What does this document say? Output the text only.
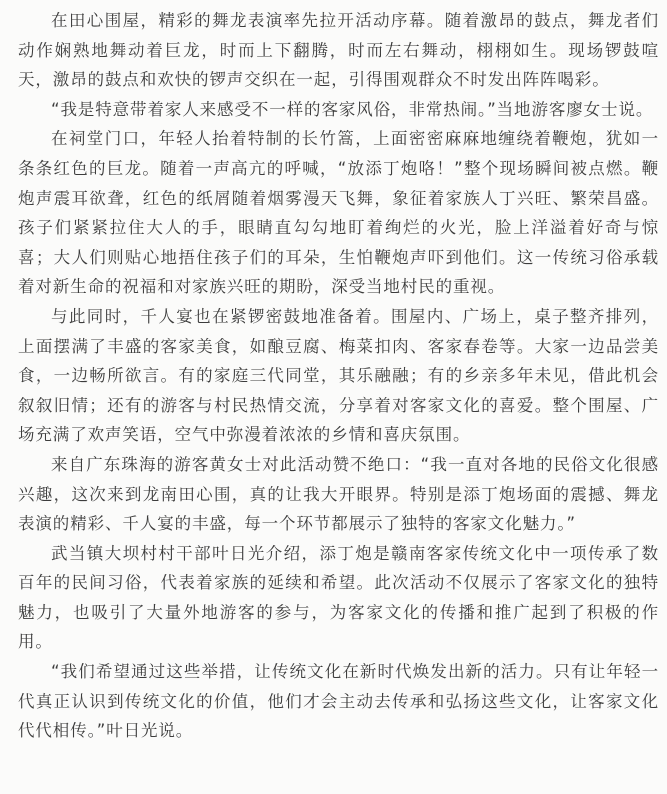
在田心围屋，精彩的舞龙表演率先拉开活动序幕。随着激昂的鼓点，舞龙者们动作娴熟地舞动着巨龙，时而上下翻腾，时而左右舞动，栩栩如生。现场锣鼓喧天，激昂的鼓点和欢快的锣声交织在一起，引得围观群众不时发出阵阵喝彩。

“我是特意带着家人来感受不一样的客家风俗，非常热闹。”当地游客廖女士说。

在祠堂门口，年轻人抬着特制的长竹篙，上面密密麻麻地缠绕着鞭炮，犹如一条条红色的巨龙。随着一声高亢的呼喊，“放添丁炮咯！”整个现场瞬间被点燃。鞭炮声震耳欲聋，红色的纸屑随着烟雾漫天飞舞，象征着家族人丁兴旺、繁荣昌盛。孩子们紧紧拉住大人的手，眼睛直勾勾地盯着绚烂的火光，脸上洋溢着好奇与惊喜；大人们则贴心地捂住孩子们的耳朵，生怕鞭炮声吓到他们。这一传统习俗承载着对新生命的祝福和对家族兴旺的期盼，深受当地村民的重视。

与此同时，千人宴也在紧锣密鼓地准备着。围屋内、广场上，桌子整齐排列，上面摆满了丰盛的客家美食，如酿豆腐、梅菜扣肉、客家春卷等。大家一边品尝美食，一边畅所欲言。有的家庭三代同堂，其乐融融；有的乡亲多年未见，借此机会叙叙旧情；还有的游客与村民热情交流，分享着对客家文化的喜爱。整个围屋、广场充满了欢声笑语，空气中弥漫着浓浓的乡情和喜庆氛围。

来自广东珠海的游客黄女士对此活动赞不绝口：“我一直对各地的民俗文化很感兴趣，这次来到龙南田心围，真的让我大开眼界。特别是添丁炮场面的震撼、舞龙表演的精彩、千人宴的丰盛，每一个环节都展示了独特的客家文化魅力。”

武当镇大坝村村干部叶日光介绍，添丁炮是赣南客家传统文化中一项传承了数百年的民间习俗，代表着家族的延续和希望。此次活动不仅展示了客家文化的独特魅力，也吸引了大量外地游客的参与，为客家文化的传播和推广起到了积极的作用。

“我们希望通过这些举措，让传统文化在新时代焕发出新的活力。只有让年轻一代真正认识到传统文化的价值，他们才会主动去传承和弘扬这些文化，让客家文化代代相传。”叶日光说。
